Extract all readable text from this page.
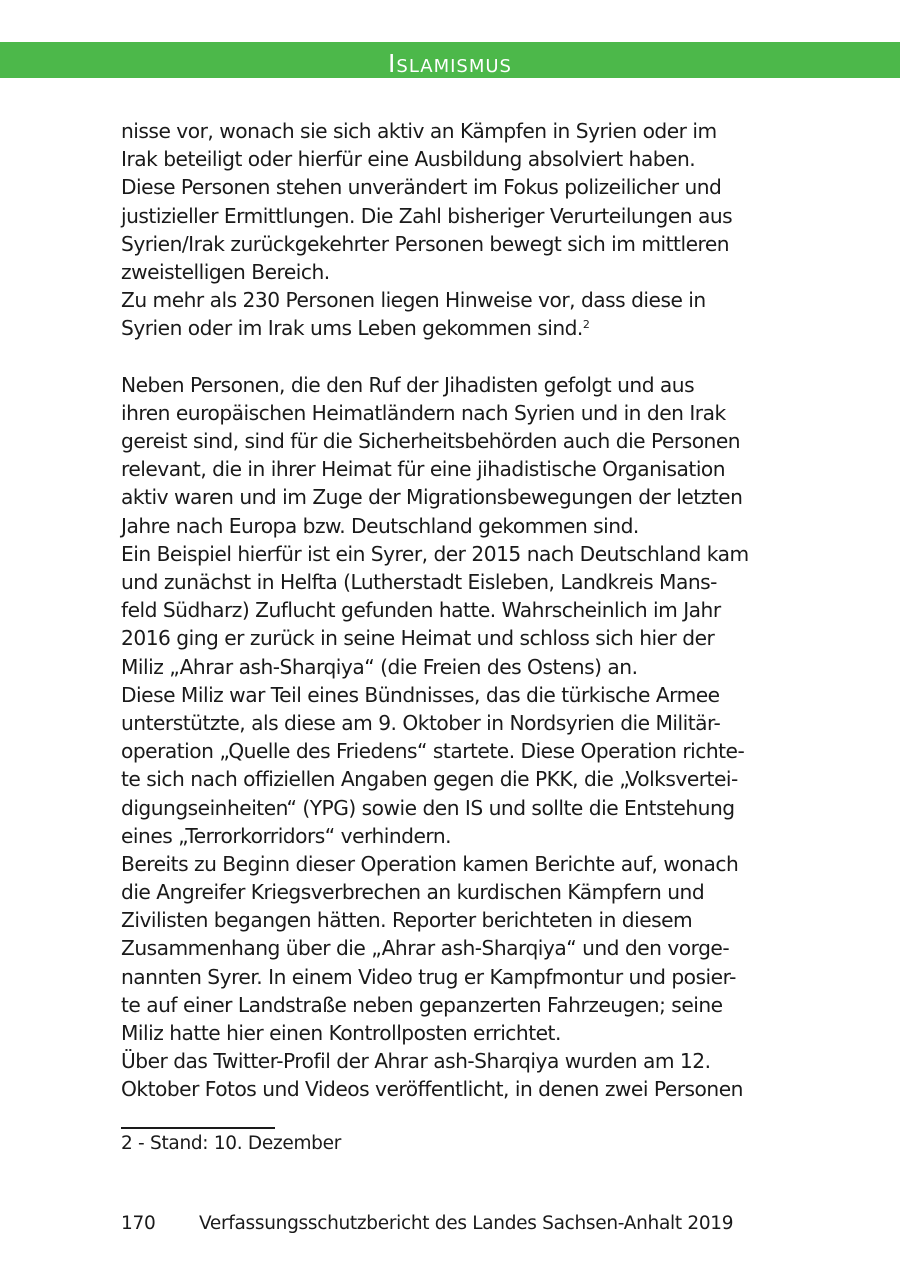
Islamismus
nisse vor, wonach sie sich aktiv an Kämpfen in Syrien oder im
Irak beteiligt oder hierfür eine Ausbildung absolviert haben.
Diese Personen stehen unverändert im Fokus polizeilicher und
justizieller Ermittlungen. Die Zahl bisheriger Verurteilungen aus
Syrien/Irak zurückgekehrter Personen bewegt sich im mittleren
zweistelligen Bereich.
Zu mehr als 230 Personen liegen Hinweise vor, dass diese in
Syrien oder im Irak ums Leben gekommen sind.$^2$
Neben Personen, die den Ruf der Jihadisten gefolgt und aus
ihren europäischen Heimatländern nach Syrien und in den Irak
gereist sind, sind für die Sicherheitsbehörden auch die Personen
relevant, die in ihrer Heimat für eine jihadistische Organisation
aktiv waren und im Zuge der Migrationsbewegungen der letzten
Jahre nach Europa bzw. Deutschland gekommen sind.
Ein Beispiel hierfür ist ein Syrer, der 2015 nach Deutschland kam
und zunächst in Helfta (Lutherstadt Eisleben, Landkreis Mans-
feld Südharz) Zuflucht gefunden hatte. Wahrscheinlich im Jahr
2016 ging er zurück in seine Heimat und schloss sich hier der
Miliz „Ahrar ash-Sharqiya“ (die Freien des Ostens) an.
Diese Miliz war Teil eines Bündnisses, das die türkische Armee
unterstützte, als diese am 9. Oktober in Nordsyrien die Militär-
operation „Quelle des Friedens“ startete. Diese Operation richte-
te sich nach offiziellen Angaben gegen die PKK, die „Volksvertei-
digungseinheiten“ (YPG) sowie den IS und sollte die Entstehung
eines „Terrorkorridors“ verhindern.
Bereits zu Beginn dieser Operation kamen Berichte auf, wonach
die Angreifer Kriegsverbrechen an kurdischen Kämpfern und
Zivilisten begangen hätten. Reporter berichteten in diesem
Zusammenhang über die „Ahrar ash-Sharqiya“ und den vorge-
nannten Syrer. In einem Video trug er Kampfmontur und posier-
te auf einer Landstraße neben gepanzerten Fahrzeugen; seine
Miliz hatte hier einen Kontrollposten errichtet.
Über das Twitter-Profil der Ahrar ash-Sharqiya wurden am 12.
Oktober Fotos und Videos veröffentlicht, in denen zwei Personen
2 - Stand: 10. Dezember
170 Verfassungsschutzbericht des Landes Sachsen-Anhalt 2019
